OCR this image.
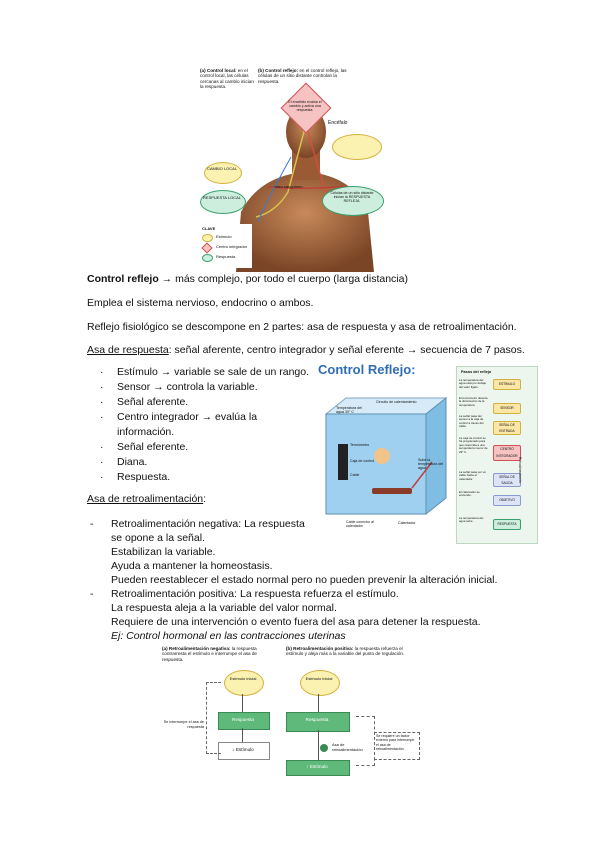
(a) Control local: en el control local, las células cercanas al cambio inician la respuesta.
(b) Control reflejo: en el control reflejo, las células de un sitio distante controlan la respuesta.
El encéfalo evalúa el cambio y activa una respuesta.
Encéfalo
CAMBIO LOCAL
RESPUESTA LOCAL
Vaso sanguíneo
Células de un sitio distante inician la RESPUESTA REFLEJA.
CLAVE
Estímulo
Centro integrador
Respuesta
Control reflejo → más complejo, por todo el cuerpo (larga distancia)
Emplea el sistema nervioso, endocrino o ambos.
Reflejo fisiológico se descompone en 2 partes: asa de respuesta y asa de retroalimentación.
Asa de respuesta: señal aferente, centro integrador y señal eferente → secuencia de 7 pasos.
· Estímulo → variable se sale de un rango.
· Sensor → controla la variable.
· Señal aferente.
· Centro integrador → evalúa la
información.
· Señal eferente.
· Diana.
· Respuesta.
Control Reflejo:
Temperatura del agua 30° C
Circuito de calentamiento
Termómetro
Caja de control
Cable
Sube la temperatura del agua
Cable conector al calentador
Calentador
Pasos del reflejo
La temperatura del agua está por debajo del valor fijado.
El termómetro detecta la disminución de la temperatura.
La señal pasa del sensor a la caja de control a través del cable.
La caja de control se ha programado para que responda a una temperatura menor de 29° C.
La señal pasa por un cable hasta el calentador.
El calentador se enciende.
La temperatura del agua sube.
ESTÍMULO
SENSOR
SEÑAL DE ENTRADA
CENTRO INTEGRADOR
SEÑAL DE SALIDA
OBJETIVO
RESPUESTA
Retroalimentación
Asa de retroalimentación:
- Retroalimentación negativa: La respuesta
se opone a la señal.
Estabilizan la variable.
Ayuda a mantener la homeostasis.
Pueden reestablecer el estado normal pero no pueden prevenir la alteración inicial.
- Retroalimentación positiva: La respuesta refuerza el estímulo.
La respuesta aleja a la variable del valor normal.
Requiere de una intervención o evento fuera del asa para detener la respuesta.
Ej: Control hormonal en las contracciones uterinas
(a) Retroalimentación negativa: la respuesta contrarresta el estímulo e interrumpe el asa de respuesta.
Estímulo inicial
Respuesta
↓ Estímulo
Se interrumpe el asa de respuesta
(b) Retroalimentación positiva: la respuesta refuerza el estímulo y aleja más a la variable del punto de regulación.
Estímulo inicial
Respuesta
Asa de retroalimentación
↑ Estímulo
Se requiere un factor externo para interrumpir el asa de retroalimentación.
